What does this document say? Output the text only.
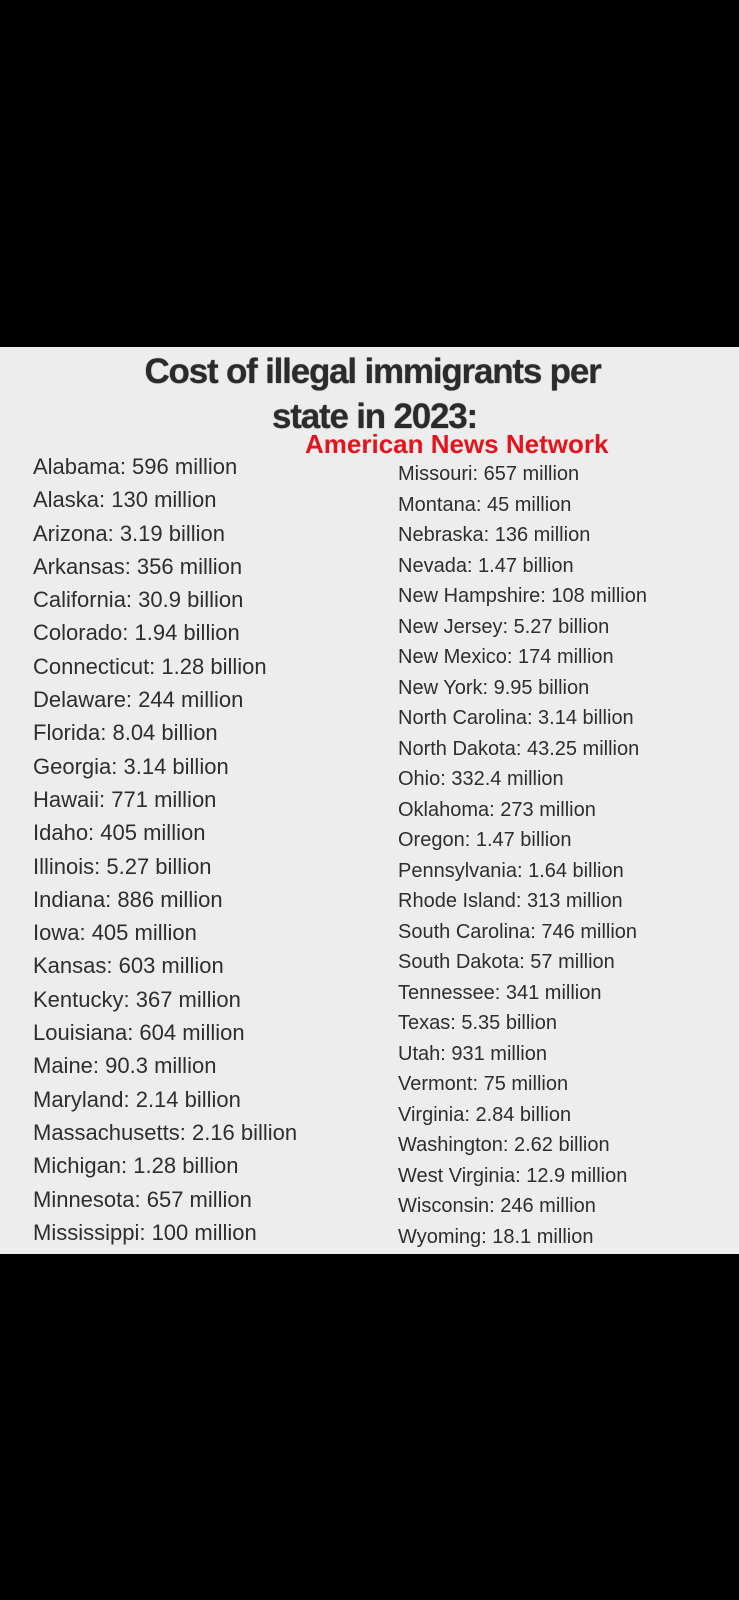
Cost of illegal immigrants per
state in 2023:
American News Network
Alabama: 596 million
Alaska: 130 million
Arizona: 3.19 billion
Arkansas: 356 million
California: 30.9 billion
Colorado: 1.94 billion
Connecticut: 1.28 billion
Delaware: 244 million
Florida: 8.04 billion
Georgia: 3.14 billion
Hawaii: 771 million
Idaho: 405 million
Illinois: 5.27 billion
Indiana: 886 million
Iowa: 405 million
Kansas: 603 million
Kentucky: 367 million
Louisiana: 604 million
Maine: 90.3 million
Maryland: 2.14 billion
Massachusetts: 2.16 billion
Michigan: 1.28 billion
Minnesota: 657 million
Mississippi: 100 million
Missouri: 657 million
Montana: 45 million
Nebraska: 136 million
Nevada: 1.47 billion
New Hampshire: 108 million
New Jersey: 5.27 billion
New Mexico: 174 million
New York: 9.95 billion
North Carolina: 3.14 billion
North Dakota: 43.25 million
Ohio: 332.4 million
Oklahoma: 273 million
Oregon: 1.47 billion
Pennsylvania: 1.64 billion
Rhode Island: 313 million
South Carolina: 746 million
South Dakota: 57 million
Tennessee: 341 million
Texas: 5.35 billion
Utah: 931 million
Vermont: 75 million
Virginia: 2.84 billion
Washington: 2.62 billion
West Virginia: 12.9 million
Wisconsin: 246 million
Wyoming: 18.1 million
